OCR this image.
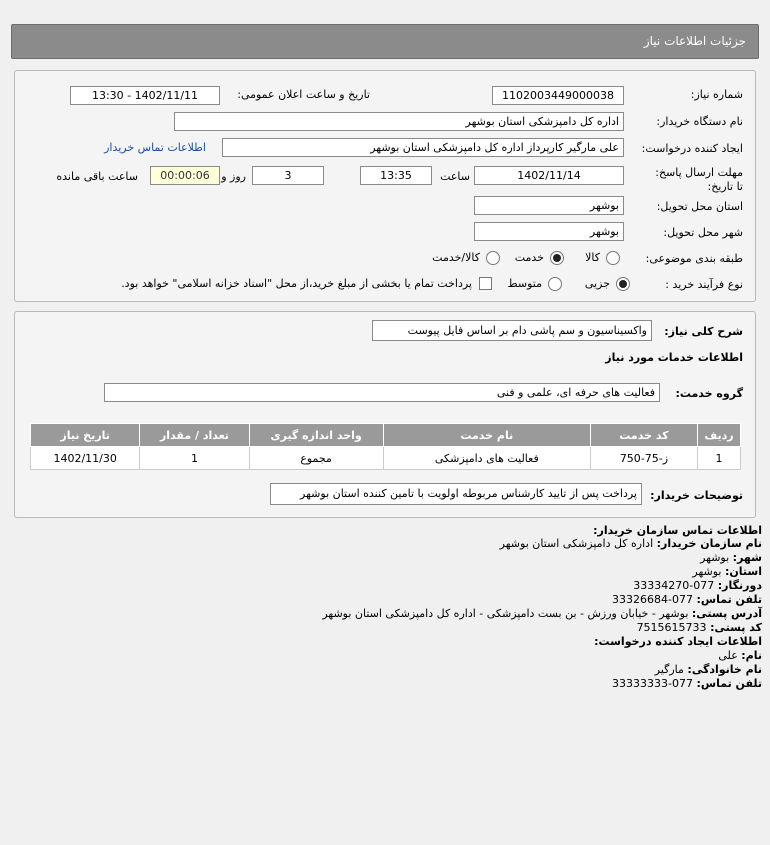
جزئیات اطلاعات نیاز
شماره نیاز:
1102003449000038
تاریخ و ساعت اعلان عمومی:
1402/11/11 - 13:30
نام دستگاه خریدار:
اداره کل دامپزشکی استان بوشهر
ایجاد کننده درخواست:
علی مارگیر کارپرداز اداره کل دامپزشکی استان بوشهر
اطلاعات تماس خریدار
مهلت ارسال پاسخ: تا تاریخ:
1402/11/14
ساعت
13:35
3
روز و
00:00:06
ساعت باقی مانده
استان محل تحویل:
بوشهر
شهر محل تحویل:
بوشهر
طبقه بندی موضوعی:
کالا
خدمت
کالا/خدمت
نوع فرآیند خرید :
جزیی
متوسط
پرداخت تمام یا بخشی از مبلغ خرید،از محل "اسناد خزانه اسلامی" خواهد بود.
شرح کلی نیاز:
واکسیناسیون و سم پاشی دام بر اساس فایل پیوست
اطلاعات خدمات مورد نیاز
گروه خدمت:
فعالیت های حرفه ای، علمی و فنی
ردیف	کد خدمت	نام خدمت	واحد اندازه گیری	تعداد / مقدار	تاریخ نیاز
1	ز-75-750	فعالیت های دامپزشکی	مجموع	1	1402/11/30
توضیحات خریدار:
پرداخت پس از تایید کارشناس مربوطه اولویت با تامین کننده استان بوشهر
اطلاعات تماس سازمان خریدار:
نام سازمان خریدار: اداره کل دامپزشکی استان بوشهر
شهر: بوشهر
استان: بوشهر
دورنگار: 077-33334270
تلفن تماس: 077-33326684
آدرس پستی: بوشهر - خیابان ورزش - بن بست دامپزشکی - اداره کل دامپزشکی استان بوشهر
کد پستی: 7515615733
اطلاعات ایجاد کننده درخواست:
نام: علی
نام خانوادگی: مارگیر
تلفن تماس: 077-33333333
